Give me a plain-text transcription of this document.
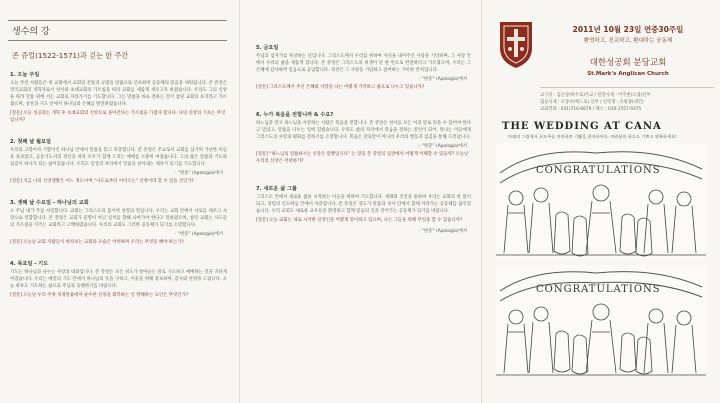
생수의 강
존 쥬얼(1522-1571)과 걷는 한 주간
1. 오늘 주일
오늘 주일 사람들은 첫 교회에서 교회의 전통과 규범을 말씀으로 선포하며 공동체의 믿음을 세워갑니다. 존 쥬얼은 영국교회의 개혁자로서 성서와 초대교회의 가르침을 따라 교회를 새롭게 세우고자 하였습니다. 우리도 그의 신앙을 따라 말씀 위에 서는 교회로 자라가기를 기도합니다. 그는 말씀을 바로 전하는 것이 참된 교회의 표지라고 가르쳤으며, 성찬과 기도 안에서 하나님의 은혜를 발견하였습니다.
[질문] 오늘 성공회는 개혁 후 초대교회의 신앙으로 돌아간다는 가르침을 가졌다 합니다. 나의 신앙의 기초는 무엇입니까?
2. 첫째 날 월요일
우리의 고향이자 기쁨이신 하나님 안에서 말씀을 읽고 묵상합니다. 존 쥬얼은 주교로서 교회를 섬기며 가난한 이들을 돌보았고, 공동기도서의 정신을 따라 모두가 함께 드리는 예배를 소중히 여겼습니다. 그의 삶은 말씀과 기도와 섬김이 하나가 되는 삶이었습니다. 우리도 일상의 자리에서 말씀을 살아내는 제자가 되기를 기도합니다.
- “변증” (Apologia)에서
[질문] 지금 나의 신앙생활은 어느 정도이며 “사도로부터 이어오는” 신앙이라 할 수 있을 것인가?
3. 셋째 날 수요일 - 하나님의 교회
오 주님 내가 주를 사랑합니다. 교회는 그리스도의 몸이며 성령의 전입니다. 우리는 교회 안에서 서로를 세우고 사랑으로 연합합니다. 존 쥬얼은 교회가 분열이 아닌 일치를 향해 나아가야 한다고 말하였으며, 참된 교회는 사도들의 가르침을 지키는 교회라고 고백하였습니다. 우리의 교회도 그러한 공동체가 되기를 소망합니다.
- “변증” (Apologia)에서
[질문] 오늘날 교회 사람들이 바라보는 교회의 모습은 어떠하며 우리는 무엇을 해야 하는가?
4. 목요일 - 기도
기도는 하나님과 나누는 사랑의 대화입니다. 존 쥬얼은 모든 성도가 알아듣는 말로 기도하고 예배하는 것을 귀하게 여겼습니다. 우리는 매일의 기도 안에서 하나님의 뜻을 구하고, 이웃을 위해 중보하며, 감사와 찬양을 드립니다. 오늘 하루도 기도하는 삶으로 주님과 동행하기를 바랍니다.
[질문] 오늘날 우리 주위 성경말씀에서 순수한 신앙을 회복하는 일 방해하는 요인은 무엇인가?
5. 금요일
주님의 십자가를 묵상하는 날입니다. 그리스도께서 우리를 위하여 자신을 내어주신 사랑을 기억하며, 그 사랑 안에서 우리의 삶을 새롭게 합니다. 존 쥬얼은 그리스도의 희생이 단 한 번으로 완전하다고 가르쳤으며, 우리는 그 은혜에 감사하며 믿음으로 응답합니다. 성찬은 그 사랑을 기념하고 참여하는 거룩한 잔치입니다.
- “변증” (Apologia)에서
[질문] 그리스도께서 주신 은혜와 사랑을 나는 어떻게 기억하고 삶으로 나누고 있습니까?
6. 누가 복음을 전합니까 & 수요?
하느님을 알고 하느님을 사랑하는 사람은 복음을 전합니다. 존 쥬얼은 성서를 모든 이의 말로 읽을 수 있어야 한다고 믿었고, 말씀을 나누는 일에 힘썼습니다. 우리도 삶의 자리에서 복음을 전하는 증인이 되어, 만나는 이들에게 그리스도의 사랑과 평화를 전하기를 소망합니다. 복음은 말로만이 아니라 우리의 행동과 섬김을 통해 드러납니다.
- “변증” (Apologia)에서
[질문] “하느님의 말씀하시는 신앙은 말뿐입니다” 는 말을 존 쥬얼의 입장에서 어떻게 이해할 수 있을까? 오늘날 우리의 신앙은 어떠한가?
7. 새로운 삶 그룹
그리스도 안에서 새로운 삶을 시작하는 이들을 위하여 기도합니다. 세례와 견진을 통하여 우리는 교회의 한 몸이 되고, 성령의 인도하심 안에서 자라갑니다. 존 쥬얼은 성도가 말씀과 성사 안에서 함께 자라가는 공동체를 꿈꾸었습니다. 우리 교회도 새로운 교우들을 환영하고 함께 믿음의 길을 걸어가는 공동체가 되기를 바랍니다.
[질문] 오늘 교회는 새로 시작한 신앙인을 어떻게 맞이하고 있으며, 나는 그들을 위해 무엇을 할 수 있습니까?
- “변증” (Apologia)에서
2011년 10월 23일 연중30주일
환영하고, 친교하고, 환대하는 공동체
대한성공회 분당교회
St.Mark's Anglican Church
교구장 : 김근상(바우로)주교 / 관할사제 : 이주현(요셉)신부
협동사제 : 조창수(베드로) 신부 / 신학생 : 유필종(대건)
교회전화 : 031)716-6679 / 팩스 : 010-2557-9375
THE WEDDING AT CANA
아래의 그림에서 포도주를 마련하며 기쁨을 찾아보아요. 여러분의 하루도 기쁘고 행복하세요!
CONGRATULATIONS
CONGRATULATIONS
